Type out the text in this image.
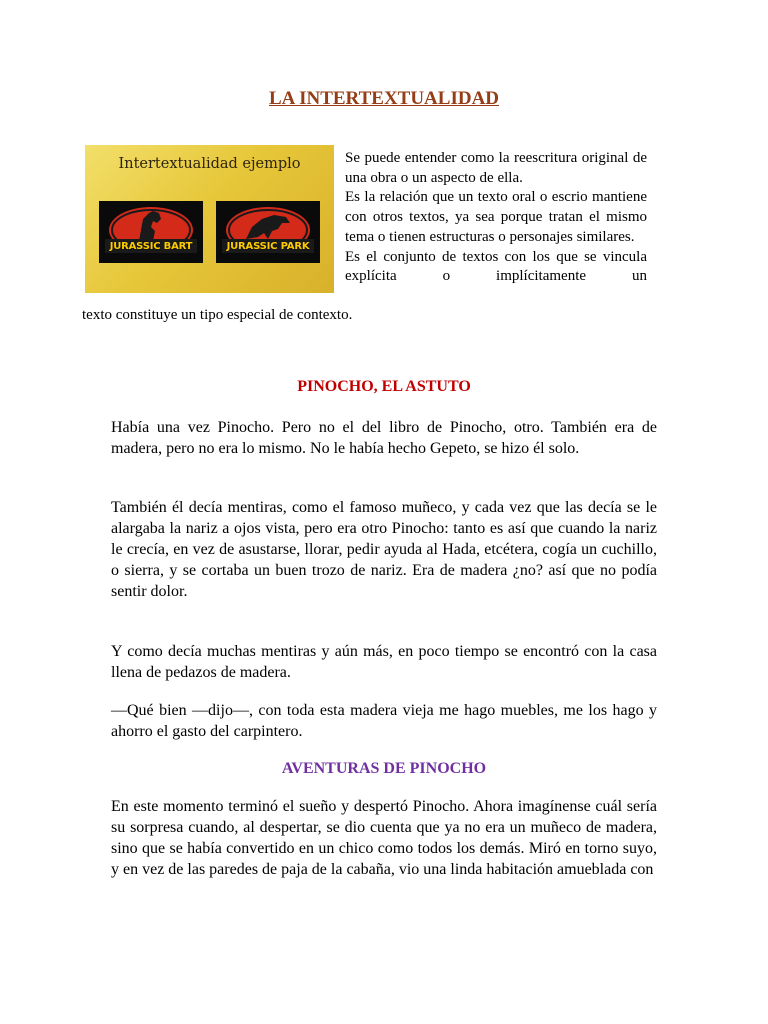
LA INTERTEXTUALIDAD
Intertextualidad ejemplo
JURASSIC BART	JURASSIC PARK

Se puede entender como la reescritura original de una obra o un aspecto de ella.

Es la relación que un texto oral o escrio mantiene con otros textos, ya sea porque tratan el mismo tema o tienen estructuras o personajes similares.

Es el conjunto de textos con los que se vincula explícita o implícitamente un

texto constituye un tipo especial de contexto.
PINOCHO, EL ASTUTO
Había una vez Pinocho. Pero no el del libro de Pinocho, otro. También era de madera, pero no era lo mismo. No le había hecho Gepeto, se hizo él solo.
También él decía mentiras, como el famoso muñeco, y cada vez que las decía se le alargaba la nariz a ojos vista, pero era otro Pinocho: tanto es así que cuando la nariz le crecía, en vez de asustarse, llorar, pedir ayuda al Hada, etcétera, cogía un cuchillo, o sierra, y se cortaba un buen trozo de nariz. Era de madera ¿no? así que no podía sentir dolor.
Y como decía muchas mentiras y aún más, en poco tiempo se encontró con la casa llena de pedazos de madera.
—Qué bien —dijo—, con toda esta madera vieja me hago muebles, me los hago y ahorro el gasto del carpintero.
AVENTURAS DE PINOCHO
En este momento terminó el sueño y despertó Pinocho. Ahora imagínense cuál sería su sorpresa cuando, al despertar, se dio cuenta que ya no era un muñeco de madera, sino que se había convertido en un chico como todos los demás. Miró en torno suyo, y en vez de las paredes de paja de la cabaña, vio una linda habitación amueblada con
